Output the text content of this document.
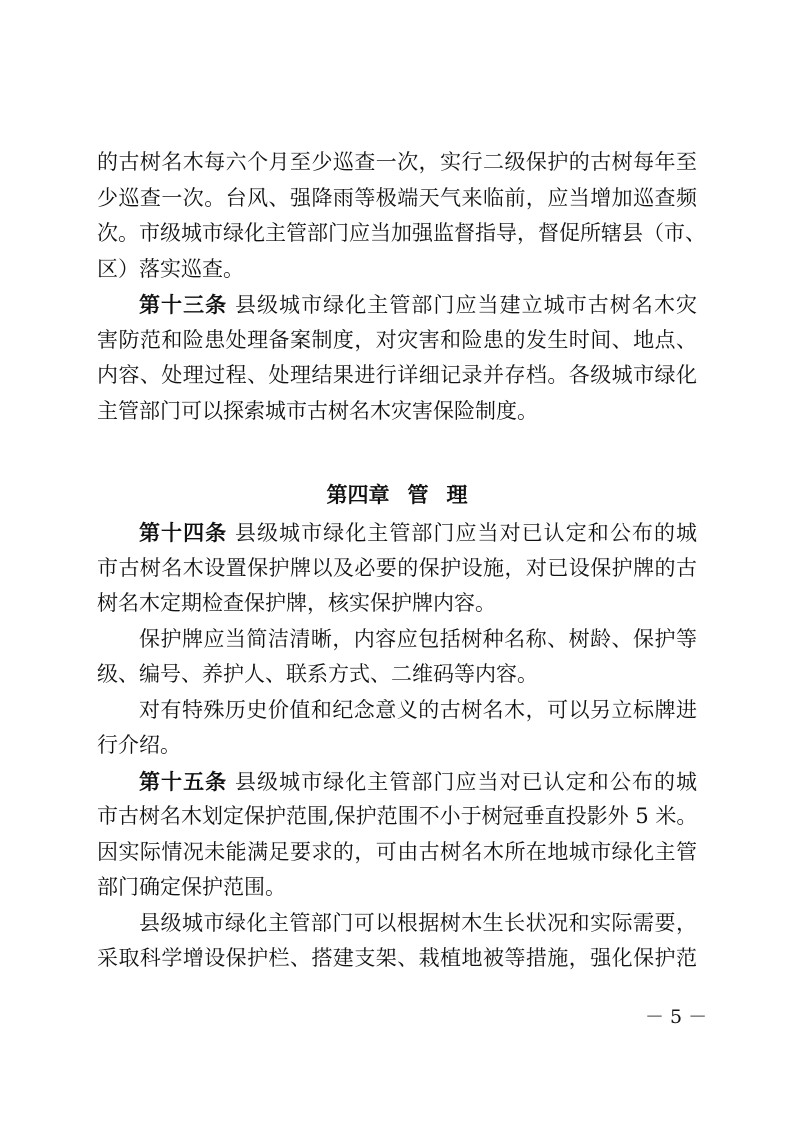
的古树名木每六个月至少巡查一次，实行二级保护的古树每年至
少巡查一次。台风、强降雨等极端天气来临前，应当增加巡查频
次。市级城市绿化主管部门应当加强监督指导，督促所辖县（市、
区）落实巡查。
第十三条 县级城市绿化主管部门应当建立城市古树名木灾
害防范和险患处理备案制度，对灾害和险患的发生时间、地点、
内容、处理过程、处理结果进行详细记录并存档。各级城市绿化
主管部门可以探索城市古树名木灾害保险制度。
第四章 管 理
第十四条 县级城市绿化主管部门应当对已认定和公布的城
市古树名木设置保护牌以及必要的保护设施，对已设保护牌的古
树名木定期检查保护牌，核实保护牌内容。
保护牌应当简洁清晰，内容应包括树种名称、树龄、保护等
级、编号、养护人、联系方式、二维码等内容。
对有特殊历史价值和纪念意义的古树名木，可以另立标牌进
行介绍。
第十五条 县级城市绿化主管部门应当对已认定和公布的城
市古树名木划定保护范围,保护范围不小于树冠垂直投影外 5 米。
因实际情况未能满足要求的，可由古树名木所在地城市绿化主管
部门确定保护范围。
县级城市绿化主管部门可以根据树木生长状况和实际需要，
采取科学增设保护栏、搭建支架、栽植地被等措施，强化保护范
－ 5 －
